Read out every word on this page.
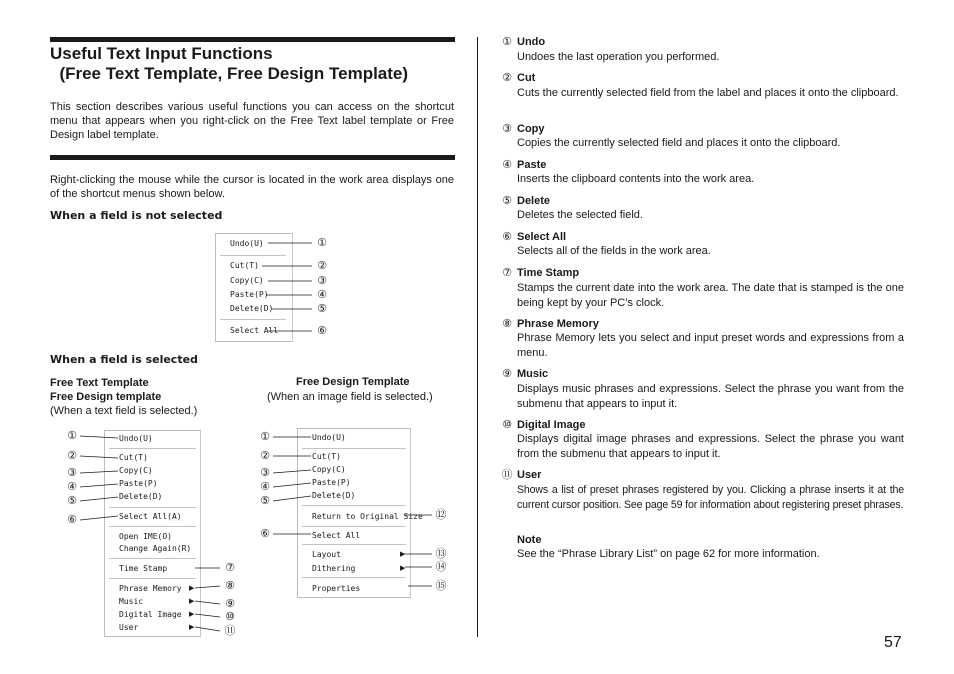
Useful Text Input Functions
(Free Text Template, Free Design Template)
This section describes various useful functions you can access on the shortcut menu that appears when you right-click on the Free Text label template or Free Design label template.
Right-clicking the mouse while the cursor is located in the work area displays one of the shortcut menus shown below.
When a field is not selected
Undo(U)
Cut(T)
Copy(C)
Paste(P)
Delete(D)
Select All
①
②
③
④
⑤
⑥
When a field is selected
Free Text Template
Free Design template
(When a text field is selected.)
Free Design Template
(When an image field is selected.)
Undo(U)
Cut(T)
Copy(C)
Paste(P)
Delete(D)
Select All(A)
Open IME(O)
Change Again(R)
Time Stamp
Phrase Memory ▶
Music	▶
Digital Image ▶
User	▶
①
②
③
④
⑤
⑥
⑦
⑧
⑨
⑩
⑪
Undo(U)
Cut(T)
Copy(C)
Paste(P)
Delete(D)
Return to Original Size
Select All
Layout	▶
Dithering	▶
Properties
①
②
③
④
⑤
⑥
⑫
⑬
⑭
⑮
① Undo
Undoes the last operation you performed.
② Cut
Cuts the currently selected field from the label and places it onto the clipboard.
③ Copy
Copies the currently selected field and places it onto the clipboard.
④ Paste
Inserts the clipboard contents into the work area.
⑤ Delete
Deletes the selected field.
⑥ Select All
Selects all of the fields in the work area.
⑦ Time Stamp
Stamps the current date into the work area. The date that is stamped is the one being kept by your PC’s clock.
⑧ Phrase Memory
Phrase Memory lets you select and input preset words and expressions from a menu.
⑨ Music
Displays music phrases and expressions. Select the phrase you want from the submenu that appears to input it.
⑩ Digital Image
Displays digital image phrases and expressions. Select the phrase you want from the submenu that appears to input it.
⑪ User
Shows a list of preset phrases registered by you. Clicking a phrase inserts it at the current cursor position. See page 59 for information about registering preset phrases.
Note
See the “Phrase Library List” on page 62 for more information.
57
